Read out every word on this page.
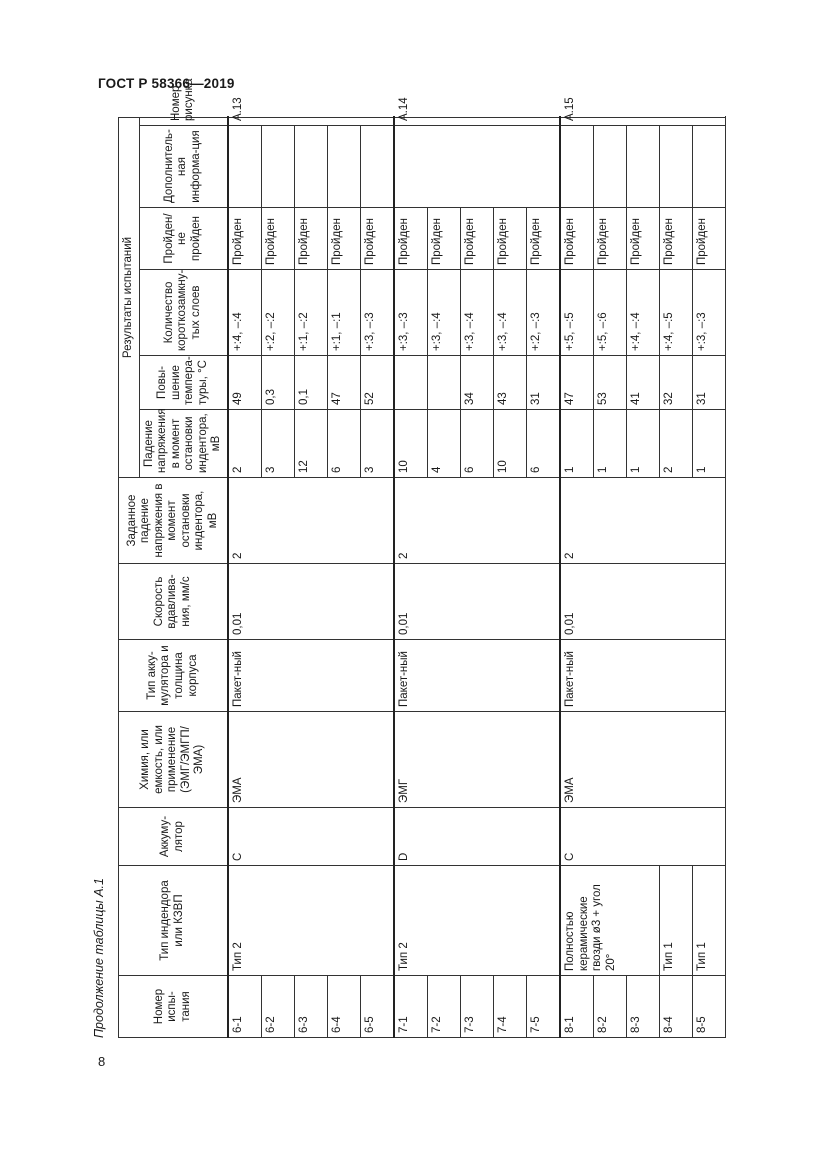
ГОСТ Р 58366—2019
Продолжение таблицы А.1
8
Номер испы-тания	Тип индендора или КЗВП	Аккуму-лятор	Химия, или емкость, или применение (ЭМГ/ЭМГП/ЭМА)	Тип акку-мулятора и толщина корпуса	Скорость вдавлива-ния, мм/с	Заданное падение напряжения в момент остановки индентора, мВ	Результаты испытаний					
							Падение напряжения в момент остановки индентора, мВ	Повы-шение темпера-туры, °С	Количество короткозамкну-тых слоев	Пройден/ не пройден	Дополнитель-ная информа-ция	Номер рисунка
6-1	Тип 2	С	ЭМА	Пакет-ный	0,01	2	2	49	+:4, –:4	Пройден		А.13
6-2							3	0,3	+:2, –:2	Пройден		
6-3							12	0,1	+:1, –:2	Пройден		
6-4							6	47	+:1, –:1	Пройден		
6-5							3	52	+:3, –:3	Пройден		
7-1	Тип 2	D	ЭМГ	Пакет-ный	0,01	2	10		+:3, –:3	Пройден		А.14
7-2							4		+:3, –:4	Пройден		
7-3							6	34	+:3, –:4	Пройден		
7-4							10	43	+:3, –:4	Пройден		
7-5							6	31	+:2, –:3	Пройден		
8-1	Полностью керамические гвозди ø3 + угол 20°	С	ЭМА	Пакет-ный	0,01	2	1	47	+:5, –:5	Пройден		А.15
8-2							1	53	+:5, –:6	Пройден		
8-3							1	41	+:4, –:4	Пройден		
8-4	Тип 1						2	32	+:4, –:5	Пройден		
8-5	Тип 1						1	31	+:3, –:3	Пройден		
